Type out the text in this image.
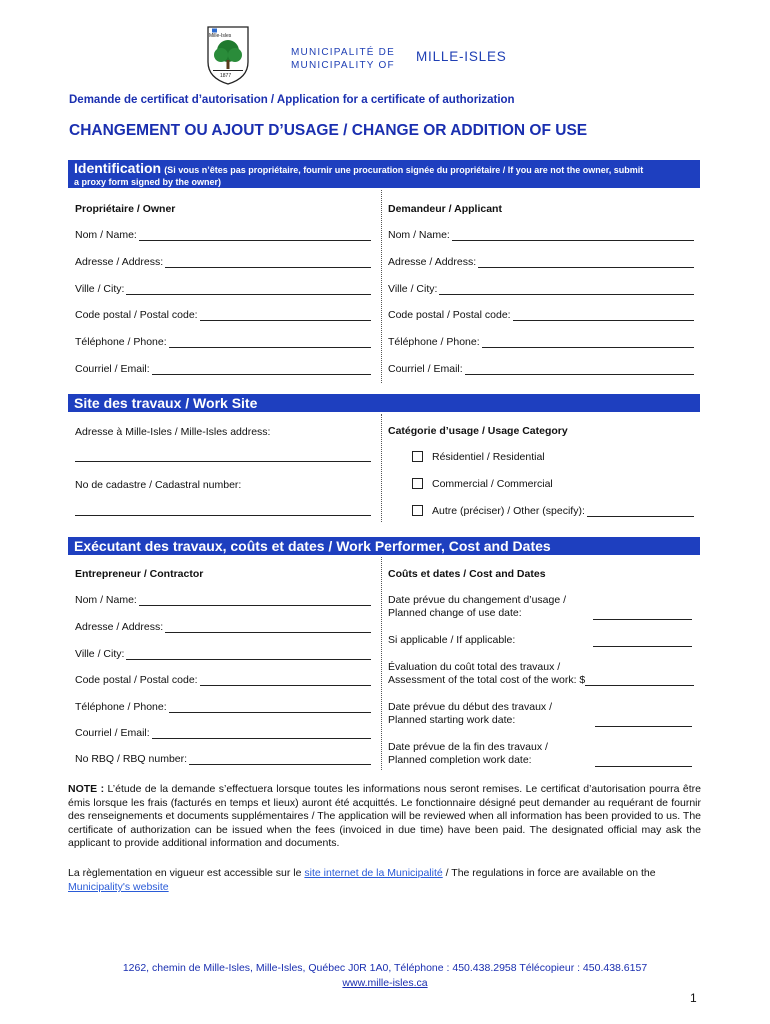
Mille-Isles
1877
MUNICIPALITÉ DE
MUNICIPALITY OF
MILLE-ISLES
Demande de certificat d’autorisation / Application for a certificate of authorization
CHANGEMENT OU AJOUT D’USAGE / CHANGE OR ADDITION OF USE
Identification (Si vous n’êtes pas propriétaire, fournir une procuration signée du propriétaire / If you are not the owner, submit
a proxy form signed by the owner)
Propriétaire / Owner	Demandeur / Applicant
Nom / Name:
Adresse / Address:
Ville / City:
Code postal / Postal code:
Téléphone / Phone:
Courriel / Email:
Nom / Name:
Adresse / Address:
Ville / City:
Code postal / Postal code:
Téléphone / Phone:
Courriel / Email:
Site des travaux / Work Site
Adresse à Mille-Isles / Mille-Isles address:
No de cadastre / Cadastral number:
Catégorie d’usage / Usage Category
Résidentiel / Residential
Commercial / Commercial
Autre (préciser) / Other (specify):
Exécutant des travaux, coûts et dates / Work Performer, Cost and Dates
Entrepreneur / Contractor	Coûts et dates / Cost and Dates
Nom / Name:
Adresse / Address:
Ville / City:
Code postal / Postal code:
Téléphone / Phone:
Courriel / Email:
No RBQ / RBQ number:
Date prévue du changement d’usage /
Planned change of use date:
Si applicable / If applicable:
Évaluation du coût total des travaux /
Assessment of the total cost of the work: $
Date prévue du début des travaux /
Planned starting work date:
Date prévue de la fin des travaux /
Planned completion work date:
NOTE : L’étude de la demande s’effectuera lorsque toutes les informations nous seront remises. Le certificat d’autorisation pourra être émis lorsque les frais (facturés en temps et lieux) auront été acquittés. Le fonctionnaire désigné peut demander au requérant de fournir des renseignements et documents supplémentaires / The application will be reviewed when all information has been provided to us. The certificate of authorization can be issued when the fees (invoiced in due time) have been paid. The designated official may ask the applicant to provide additional information and documents.
La règlementation en vigueur est accessible sur le site internet de la Municipalité / The regulations in force are available on the Municipality's website
1262, chemin de Mille-Isles, Mille-Isles, Québec J0R 1A0, Téléphone : 450.438.2958 Télécopieur : 450.438.6157
www.mille-isles.ca
1
